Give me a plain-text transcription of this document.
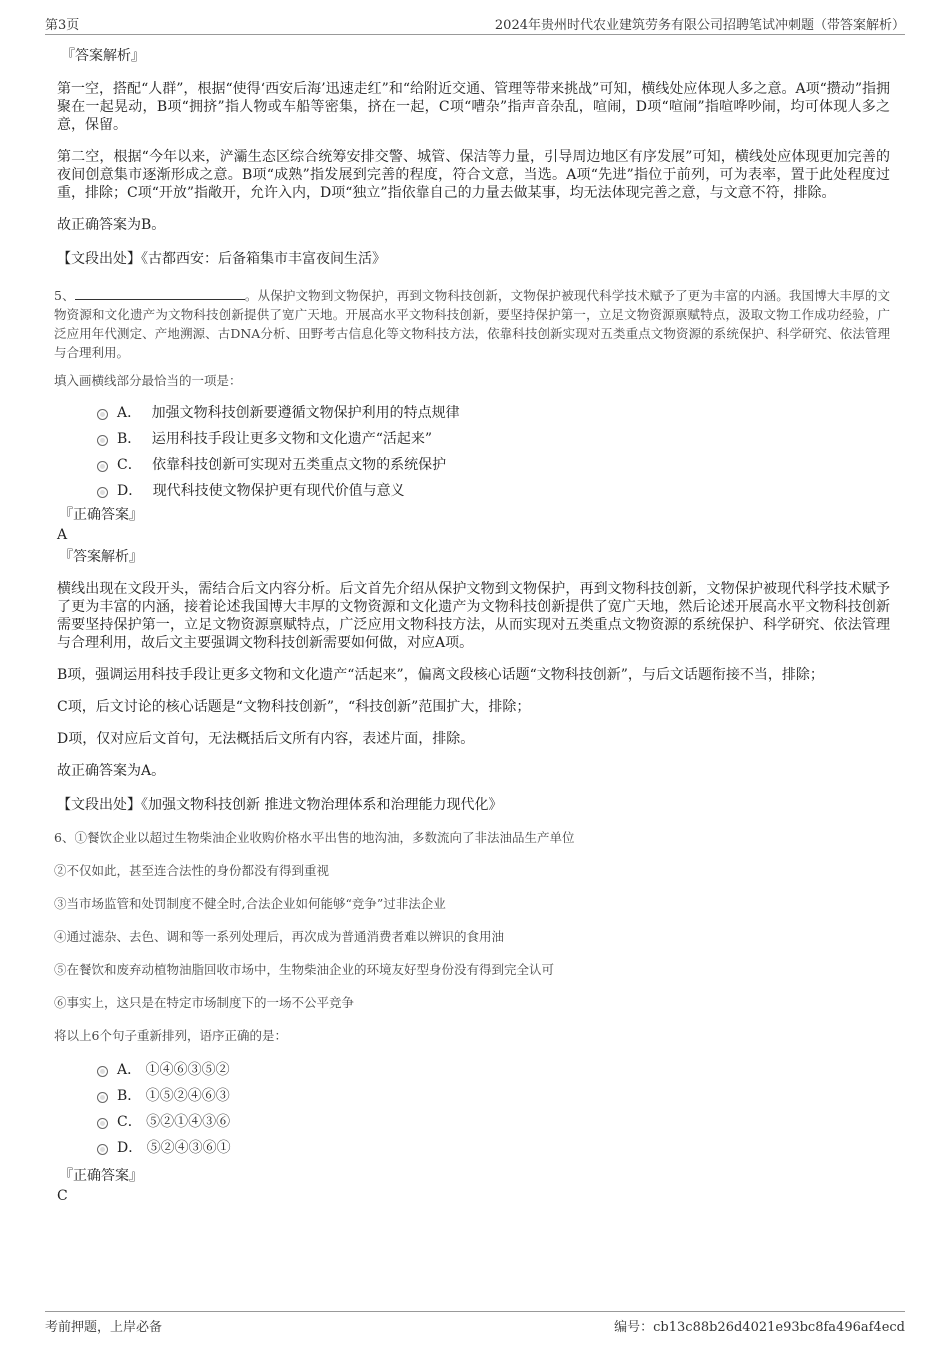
第3页	2024年贵州时代农业建筑劳务有限公司招聘笔试冲刺题（带答案解析）

『答案解析』

第一空，搭配“人群”，根据“使得‘西安后海’迅速走红”和“给附近交通、管理等带来挑战”可知，横线处应体现人多之意。A项“攒动”指拥聚在一起晃动，B项“拥挤”指人物或车船等密集，挤在一起，C项“嘈杂”指声音杂乱，喧闹，D项“喧闹”指喧哗吵闹，均可体现人多之意，保留。

第二空，根据“今年以来，浐灞生态区综合统筹安排交警、城管、保洁等力量，引导周边地区有序发展”可知，横线处应体现更加完善的夜间创意集市逐渐形成之意。B项“成熟”指发展到完善的程度，符合文意，当选。A项“先进”指位于前列，可为表率，置于此处程度过重，排除；C项“开放”指敞开，允许入内，D项“独立”指依靠自己的力量去做某事，均无法体现完善之意，与文意不符，排除。

故正确答案为B。

【文段出处】《古都西安：后备箱集市丰富夜间生活》

5、	。从保护文物到文物保护，再到文物科技创新，文物保护被现代科学技术赋予了更为丰富的内涵。我国博大丰厚的文物资源和文化遗产为文物科技创新提供了宽广天地。开展高水平文物科技创新，要坚持保护第一，立足文物资源禀赋特点，汲取文物工作成功经验，广泛应用年代测定、产地溯源、古DNA分析、田野考古信息化等文物科技方法，依靠科技创新实现对五类重点文物资源的系统保护、科学研究、依法管理与合理利用。

填入画横线部分最恰当的一项是：

A． 加强文物科技创新要遵循文物保护利用的特点规律
B． 运用科技手段让更多文物和文化遗产“活起来”
C． 依靠科技创新可实现对五类重点文物的系统保护
D． 现代科技使文物保护更有现代价值与意义

『正确答案』

A

『答案解析』

横线出现在文段开头，需结合后文内容分析。后文首先介绍从保护文物到文物保护，再到文物科技创新，文物保护被现代科学技术赋予了更为丰富的内涵，接着论述我国博大丰厚的文物资源和文化遗产为文物科技创新提供了宽广天地，然后论述开展高水平文物科技创新需要坚持保护第一，立足文物资源禀赋特点，广泛应用文物科技方法，从而实现对五类重点文物资源的系统保护、科学研究、依法管理与合理利用，故后文主要强调文物科技创新需要如何做，对应A项。

B项，强调运用科技手段让更多文物和文化遗产“活起来”，偏离文段核心话题“文物科技创新”，与后文话题衔接不当，排除；

C项，后文讨论的核心话题是“文物科技创新”，“科技创新”范围扩大，排除；

D项，仅对应后文首句，无法概括后文所有内容，表述片面，排除。

故正确答案为A。

【文段出处】《加强文物科技创新 推进文物治理体系和治理能力现代化》

6、①餐饮企业以超过生物柴油企业收购价格水平出售的地沟油，多数流向了非法油品生产单位

②不仅如此，甚至连合法性的身份都没有得到重视

③当市场监管和处罚制度不健全时,合法企业如何能够“竞争”过非法企业

④通过滤杂、去色、调和等一系列处理后，再次成为普通消费者难以辨识的食用油

⑤在餐饮和废弃动植物油脂回收市场中，生物柴油企业的环境友好型身份没有得到完全认可

⑥事实上，这只是在特定市场制度下的一场不公平竞争

将以上6个句子重新排列，语序正确的是：

A． ①④⑥③⑤②
B． ①⑤②④⑥③
C． ⑤②①④③⑥
D． ⑤②④③⑥①

『正确答案』

C

考前押题，上岸必备	编号：cb13c88b26d4021e93bc8fa496af4ecd
